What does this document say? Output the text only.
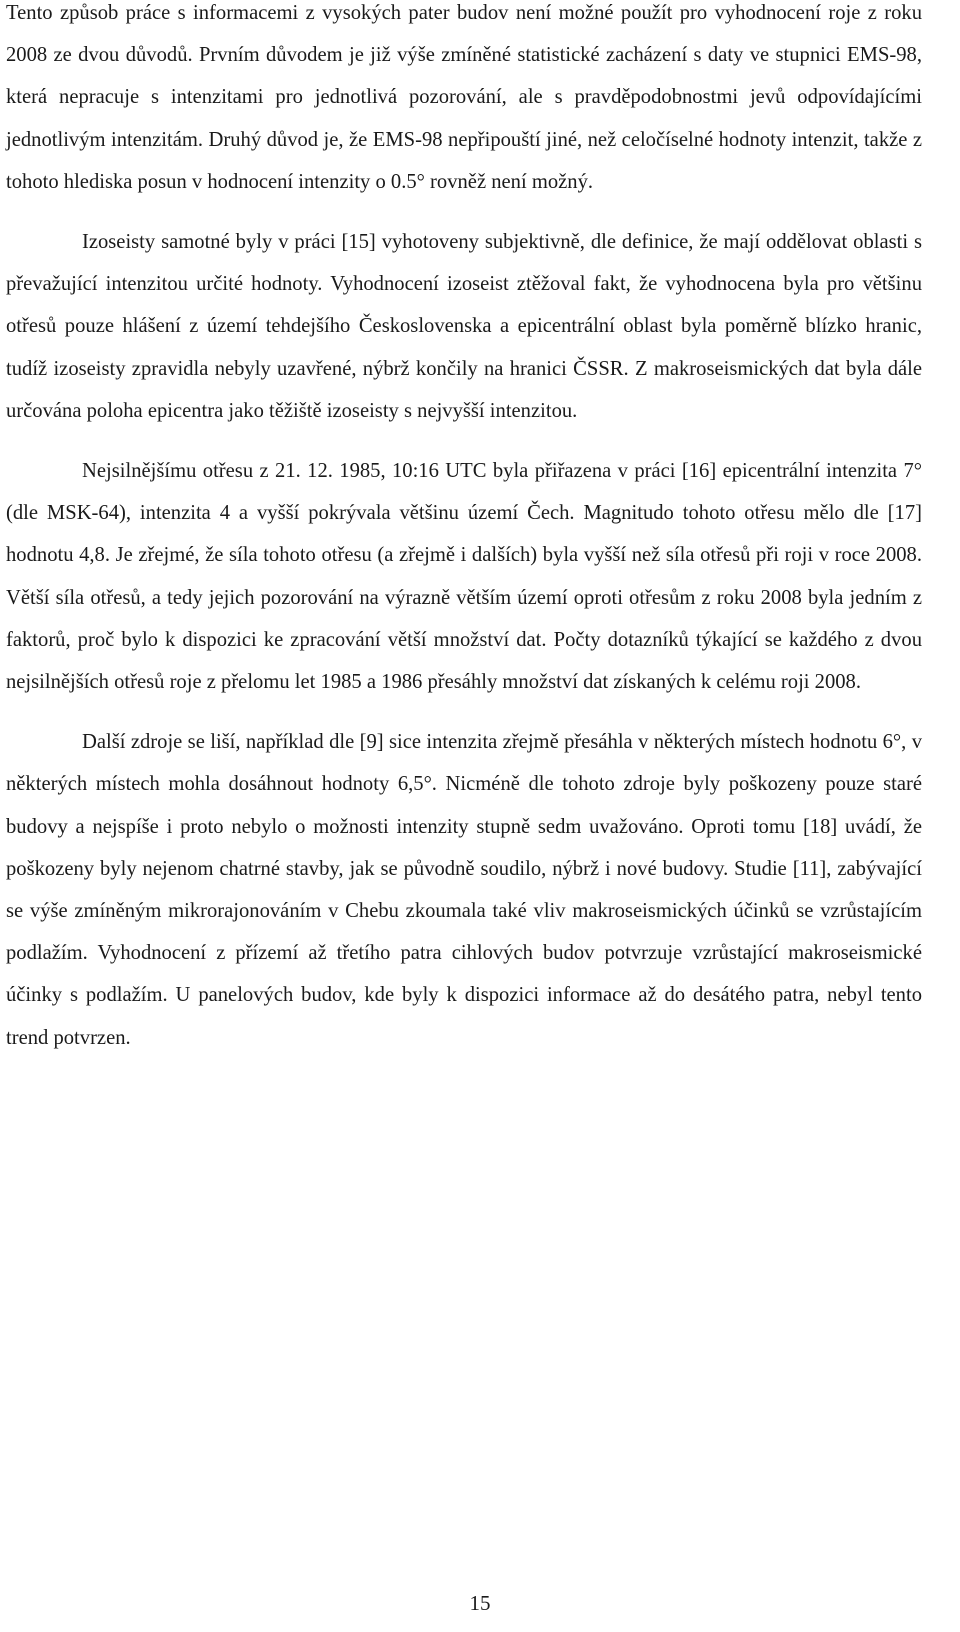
Tento způsob práce s informacemi z vysokých pater budov není možné použít pro vyhodnocení roje z roku 2008 ze dvou důvodů. Prvním důvodem je již výše zmíněné statistické zacházení s daty ve stupnici EMS-98, která nepracuje s intenzitami pro jednotlivá pozorování, ale s pravděpodobnostmi jevů odpovídajícími jednotlivým intenzitám. Druhý důvod je, že EMS-98 nepřipouští jiné, než celočíselné hodnoty intenzit, takže z tohoto hlediska posun v hodnocení intenzity o 0.5° rovněž není možný.

Izoseisty samotné byly v práci [15] vyhotoveny subjektivně, dle definice, že mají oddělovat oblasti s převažující intenzitou určité hodnoty. Vyhodnocení izoseist ztěžoval fakt, že vyhodnocena byla pro většinu otřesů pouze hlášení z území tehdejšího Československa a epicentrální oblast byla poměrně blízko hranic, tudíž izoseisty zpravidla nebyly uzavřené, nýbrž končily na hranici ČSSR. Z makroseismických dat byla dále určována poloha epicentra jako těžiště izoseisty s nejvyšší intenzitou.

Nejsilnějšímu otřesu z 21. 12. 1985, 10:16 UTC byla přiřazena v práci [16] epicentrální intenzita 7° (dle MSK-64), intenzita 4 a vyšší pokrývala většinu území Čech. Magnitudo tohoto otřesu mělo dle [17] hodnotu 4,8. Je zřejmé, že síla tohoto otřesu (a zřejmě i dalších) byla vyšší než síla otřesů při roji v roce 2008. Větší síla otřesů, a tedy jejich pozorování na výrazně větším území oproti otřesům z roku 2008 byla jedním z faktorů, proč bylo k dispozici ke zpracování větší množství dat. Počty dotazníků týkající se každého z dvou nejsilnějších otřesů roje z přelomu let 1985 a 1986 přesáhly množství dat získaných k celému roji 2008.

Další zdroje se liší, například dle [9] sice intenzita zřejmě přesáhla v některých místech hodnotu 6°, v některých místech mohla dosáhnout hodnoty 6,5°. Nicméně dle tohoto zdroje byly poškozeny pouze staré budovy a nejspíše i proto nebylo o možnosti intenzity stupně sedm uvažováno. Oproti tomu [18] uvádí, že poškozeny byly nejenom chatrné stavby, jak se původně soudilo, nýbrž i nové budovy. Studie [11], zabývající se výše zmíněným mikrorajonováním v Chebu zkoumala také vliv makroseismických účinků se vzrůstajícím podlažím. Vyhodnocení z přízemí až třetího patra cihlových budov potvrzuje vzrůstající makroseismické účinky s podlažím. U panelových budov, kde byly k dispozici informace až do desátého patra, nebyl tento trend potvrzen.

15
